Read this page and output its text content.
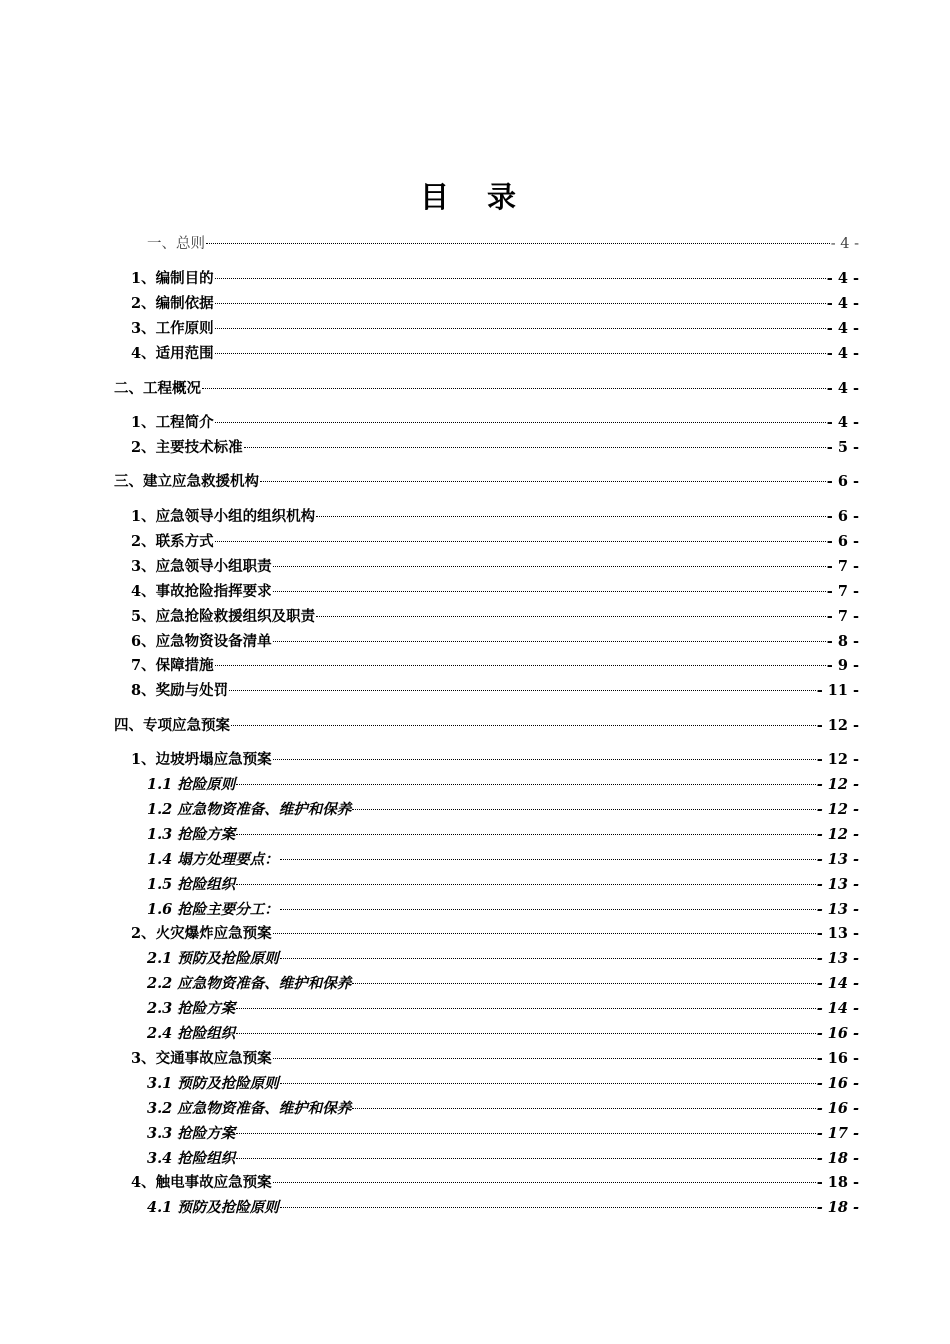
目 录
一、总则	- 4 -
1、编制目的	- 4 -
2、编制依据	- 4 -
3、工作原则	- 4 -
4、适用范围	- 4 -
二、工程概况	- 4 -
1、工程简介	- 4 -
2、主要技术标准	- 5 -
三、建立应急救援机构	- 6 -
1、应急领导小组的组织机构	- 6 -
2、联系方式	- 6 -
3、应急领导小组职责	- 7 -
4、事故抢险指挥要求	- 7 -
5、应急抢险救援组织及职责	- 7 -
6、应急物资设备清单	- 8 -
7、保障措施	- 9 -
8、奖励与处罚	- 11 -
四、专项应急预案	- 12 -
1、边坡坍塌应急预案	- 12 -
1.1 抢险原则	- 12 -
1.2 应急物资准备、维护和保养	- 12 -
1.3 抢险方案	- 12 -
1.4 塌方处理要点：	- 13 -
1.5 抢险组织	- 13 -
1.6 抢险主要分工：	- 13 -
2、火灾爆炸应急预案	- 13 -
2.1 预防及抢险原则	- 13 -
2.2 应急物资准备、维护和保养	- 14 -
2.3 抢险方案	- 14 -
2.4 抢险组织	- 16 -
3、交通事故应急预案	- 16 -
3.1 预防及抢险原则	- 16 -
3.2 应急物资准备、维护和保养	- 16 -
3.3 抢险方案	- 17 -
3.4 抢险组织	- 18 -
4、触电事故应急预案	- 18 -
4.1 预防及抢险原则	- 18 -
